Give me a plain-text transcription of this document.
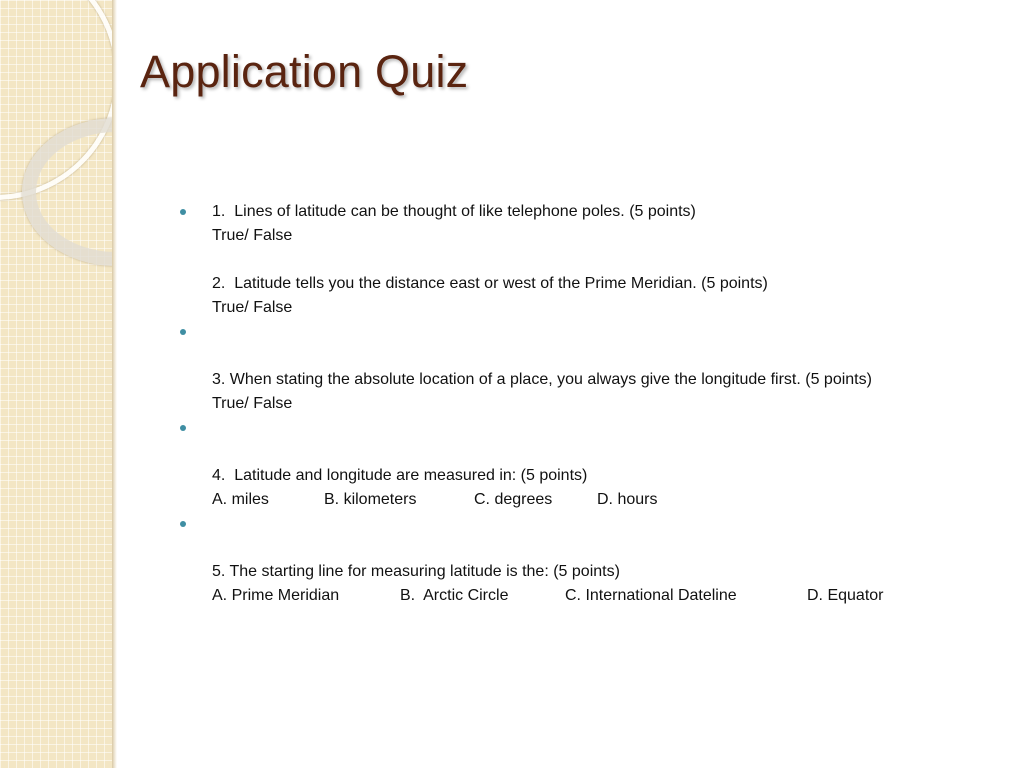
Application Quiz
1.  Lines of latitude can be thought of like telephone poles. (5 points)
True/ False
2.  Latitude tells you the distance east or west of the Prime Meridian. (5 points)
True/ False
3. When stating the absolute location of a place, you always give the longitude first. (5 points)
True/ False
4.  Latitude and longitude are measured in: (5 points)
A. miles	B. kilometers	C. degrees	D. hours
5. The starting line for measuring latitude is the: (5 points)
A. Prime Meridian	B.  Arctic Circle	C. International Dateline	D. Equator
